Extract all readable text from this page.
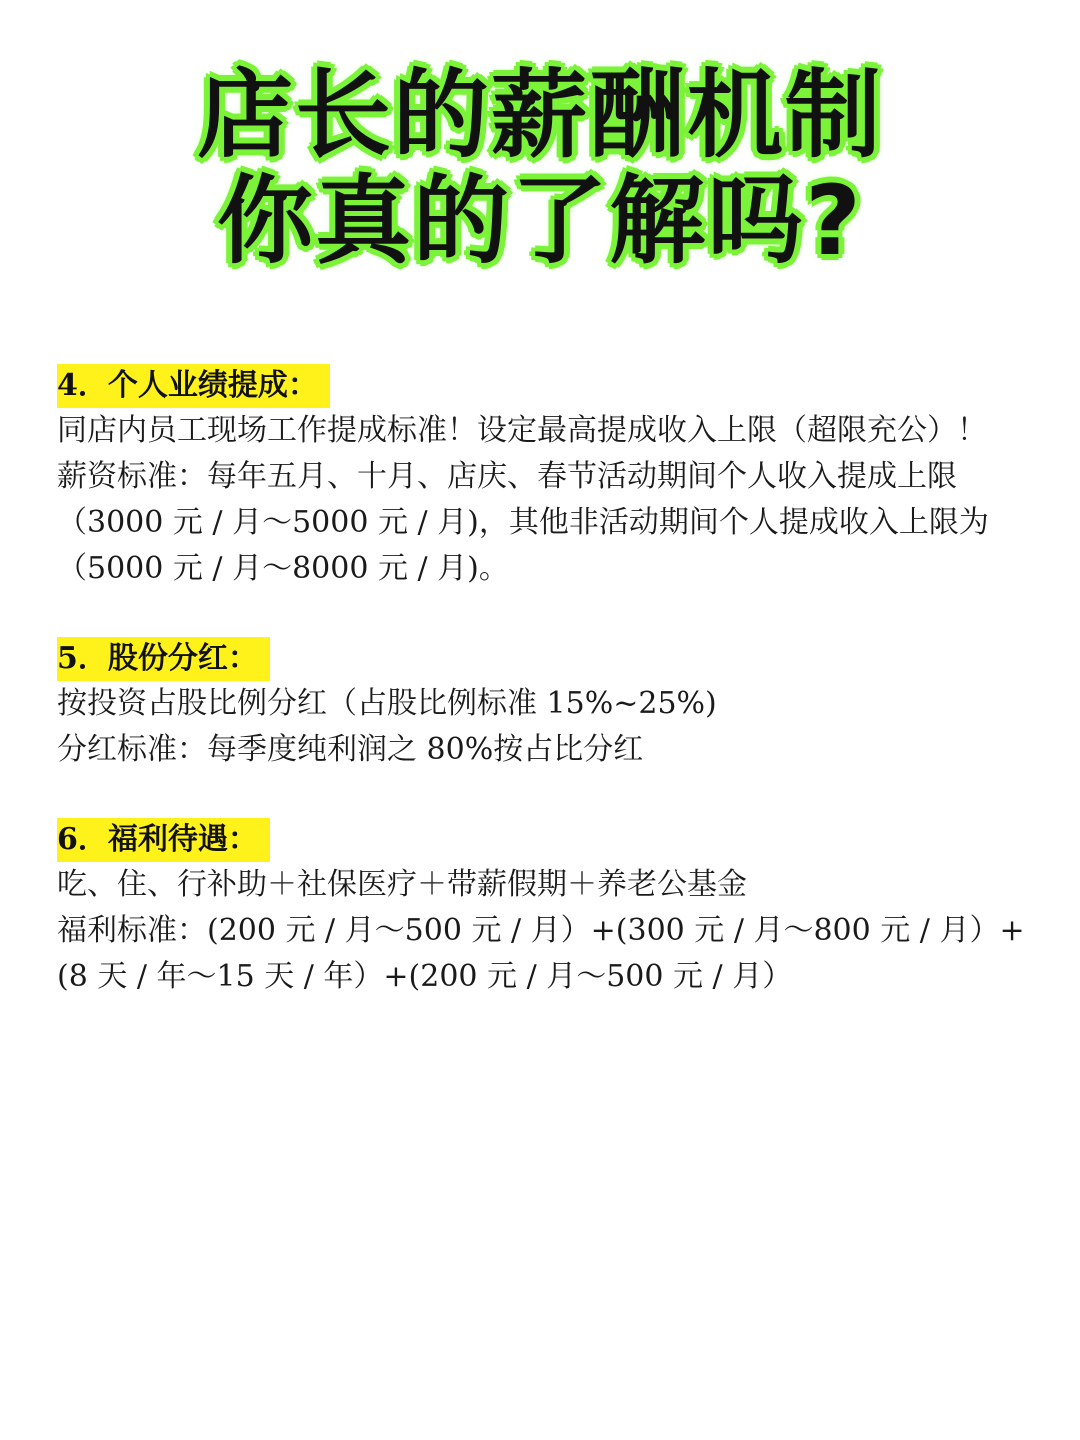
店长的薪酬机制
你真的了解吗?
4．个人业绩提成：
同店内员工现场工作提成标准！设定最高提成收入上限（超限充公）！
薪资标准：每年五月、十月、店庆、春节活动期间个人收入提成上限
（3000 元 / 月～5000 元 / 月)，其他非活动期间个人提成收入上限为
（5000 元 / 月～8000 元 / 月)。
5．股份分红：
按投资占股比例分红（占股比例标准 15%~25%)
分红标准：每季度纯利润之 80%按占比分红
6．福利待遇：
吃、住、行补助＋社保医疗＋带薪假期＋养老公基金
福利标准：(200 元 / 月～500 元 / 月）+(300 元 / 月～800 元 / 月）+
(8 天 / 年～15 天 / 年）+(200 元 / 月～500 元 / 月）
